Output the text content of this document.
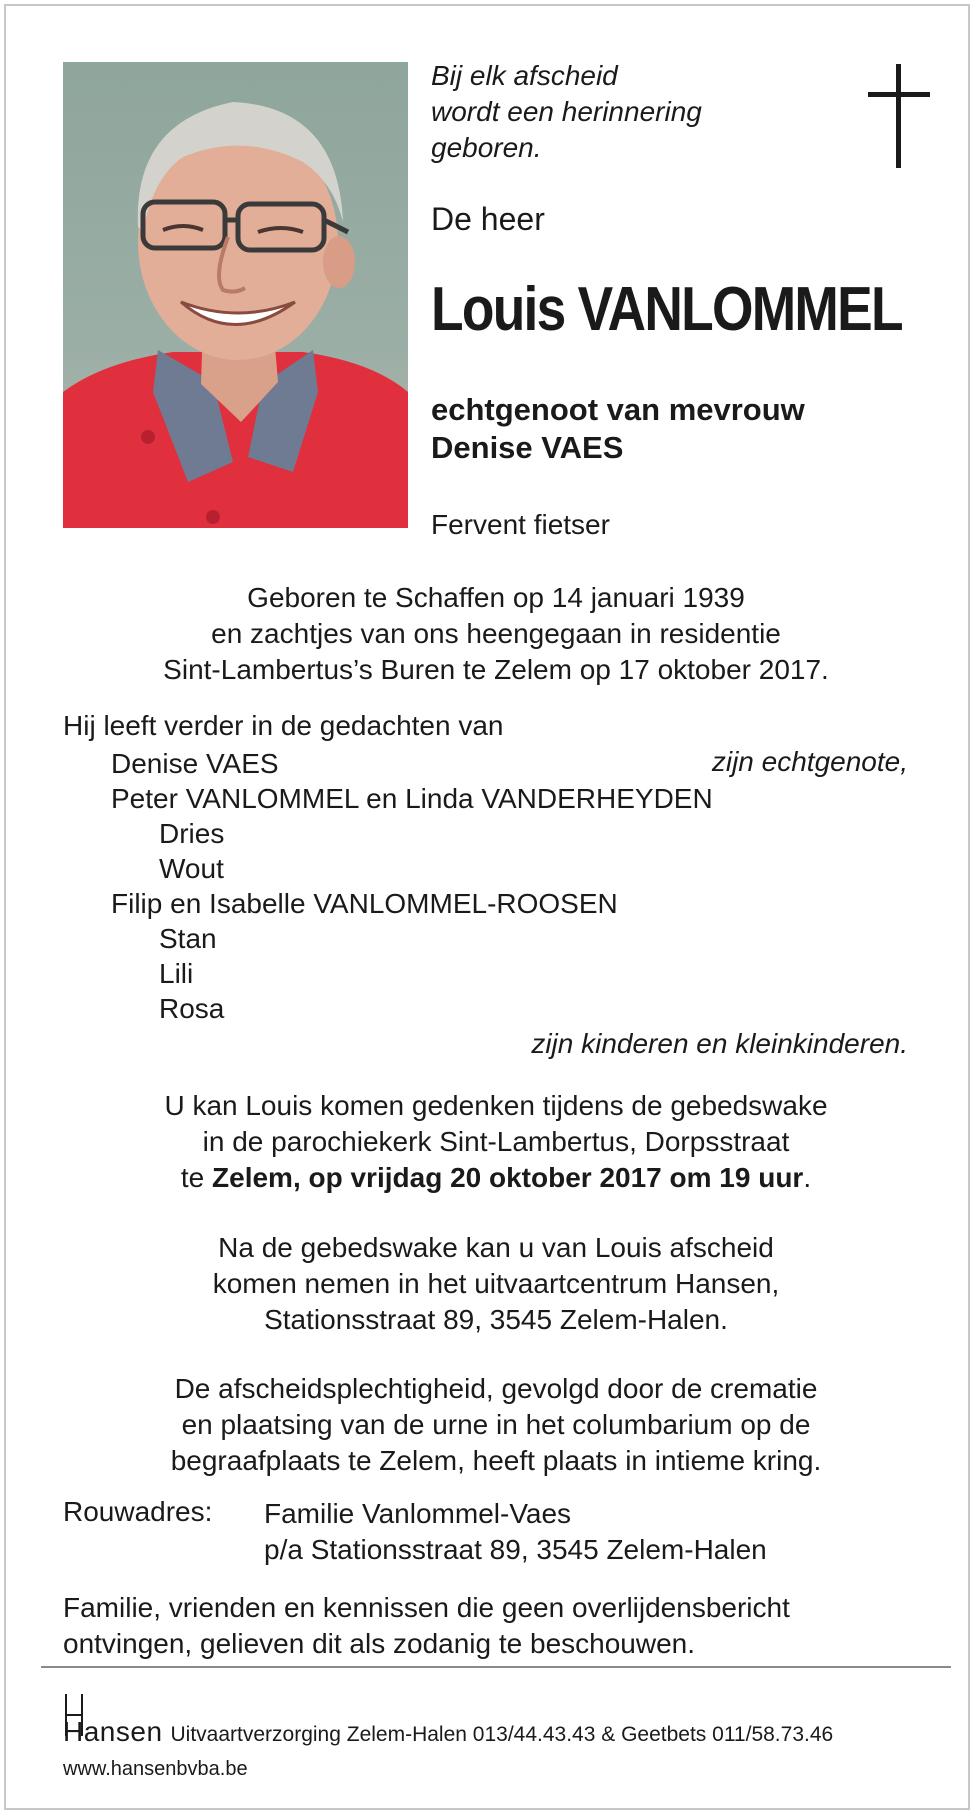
Bij elk afscheid
wordt een herinnering
geboren.
De heer
Louis VANLOMMEL
echtgenoot van mevrouw
Denise VAES
Fervent fietser
Geboren te Schaffen op 14 januari 1939
en zachtjes van ons heengegaan in residentie
Sint-Lambertus’s Buren te Zelem op 17 oktober 2017.
Hij leeft verder in de gedachten van
Denise VAES	zijn echtgenote,
Peter VANLOMMEL en Linda VANDERHEYDEN
Dries
Wout
Filip en Isabelle VANLOMMEL-ROOSEN
Stan
Lili
Rosa
zijn kinderen en kleinkinderen.
U kan Louis komen gedenken tijdens de gebedswake
in de parochiekerk Sint-Lambertus, Dorpsstraat
te Zelem, op vrijdag 20 oktober 2017 om 19 uur.
Na de gebedswake kan u van Louis afscheid
komen nemen in het uitvaartcentrum Hansen,
Stationsstraat 89, 3545 Zelem-Halen.
De afscheidsplechtigheid, gevolgd door de crematie
en plaatsing van de urne in het columbarium op de
begraafplaats te Zelem, heeft plaats in intieme kring.
Rouwadres: Familie Vanlommel-Vaes
p/a Stationsstraat 89, 3545 Zelem-Halen
Familie, vrienden en kennissen die geen overlijdensbericht
ontvingen, gelieven dit als zodanig te beschouwen.
Hansen Uitvaartverzorging Zelem-Halen 013/44.43.43 & Geetbets 011/58.73.46
www.hansenbvba.be
